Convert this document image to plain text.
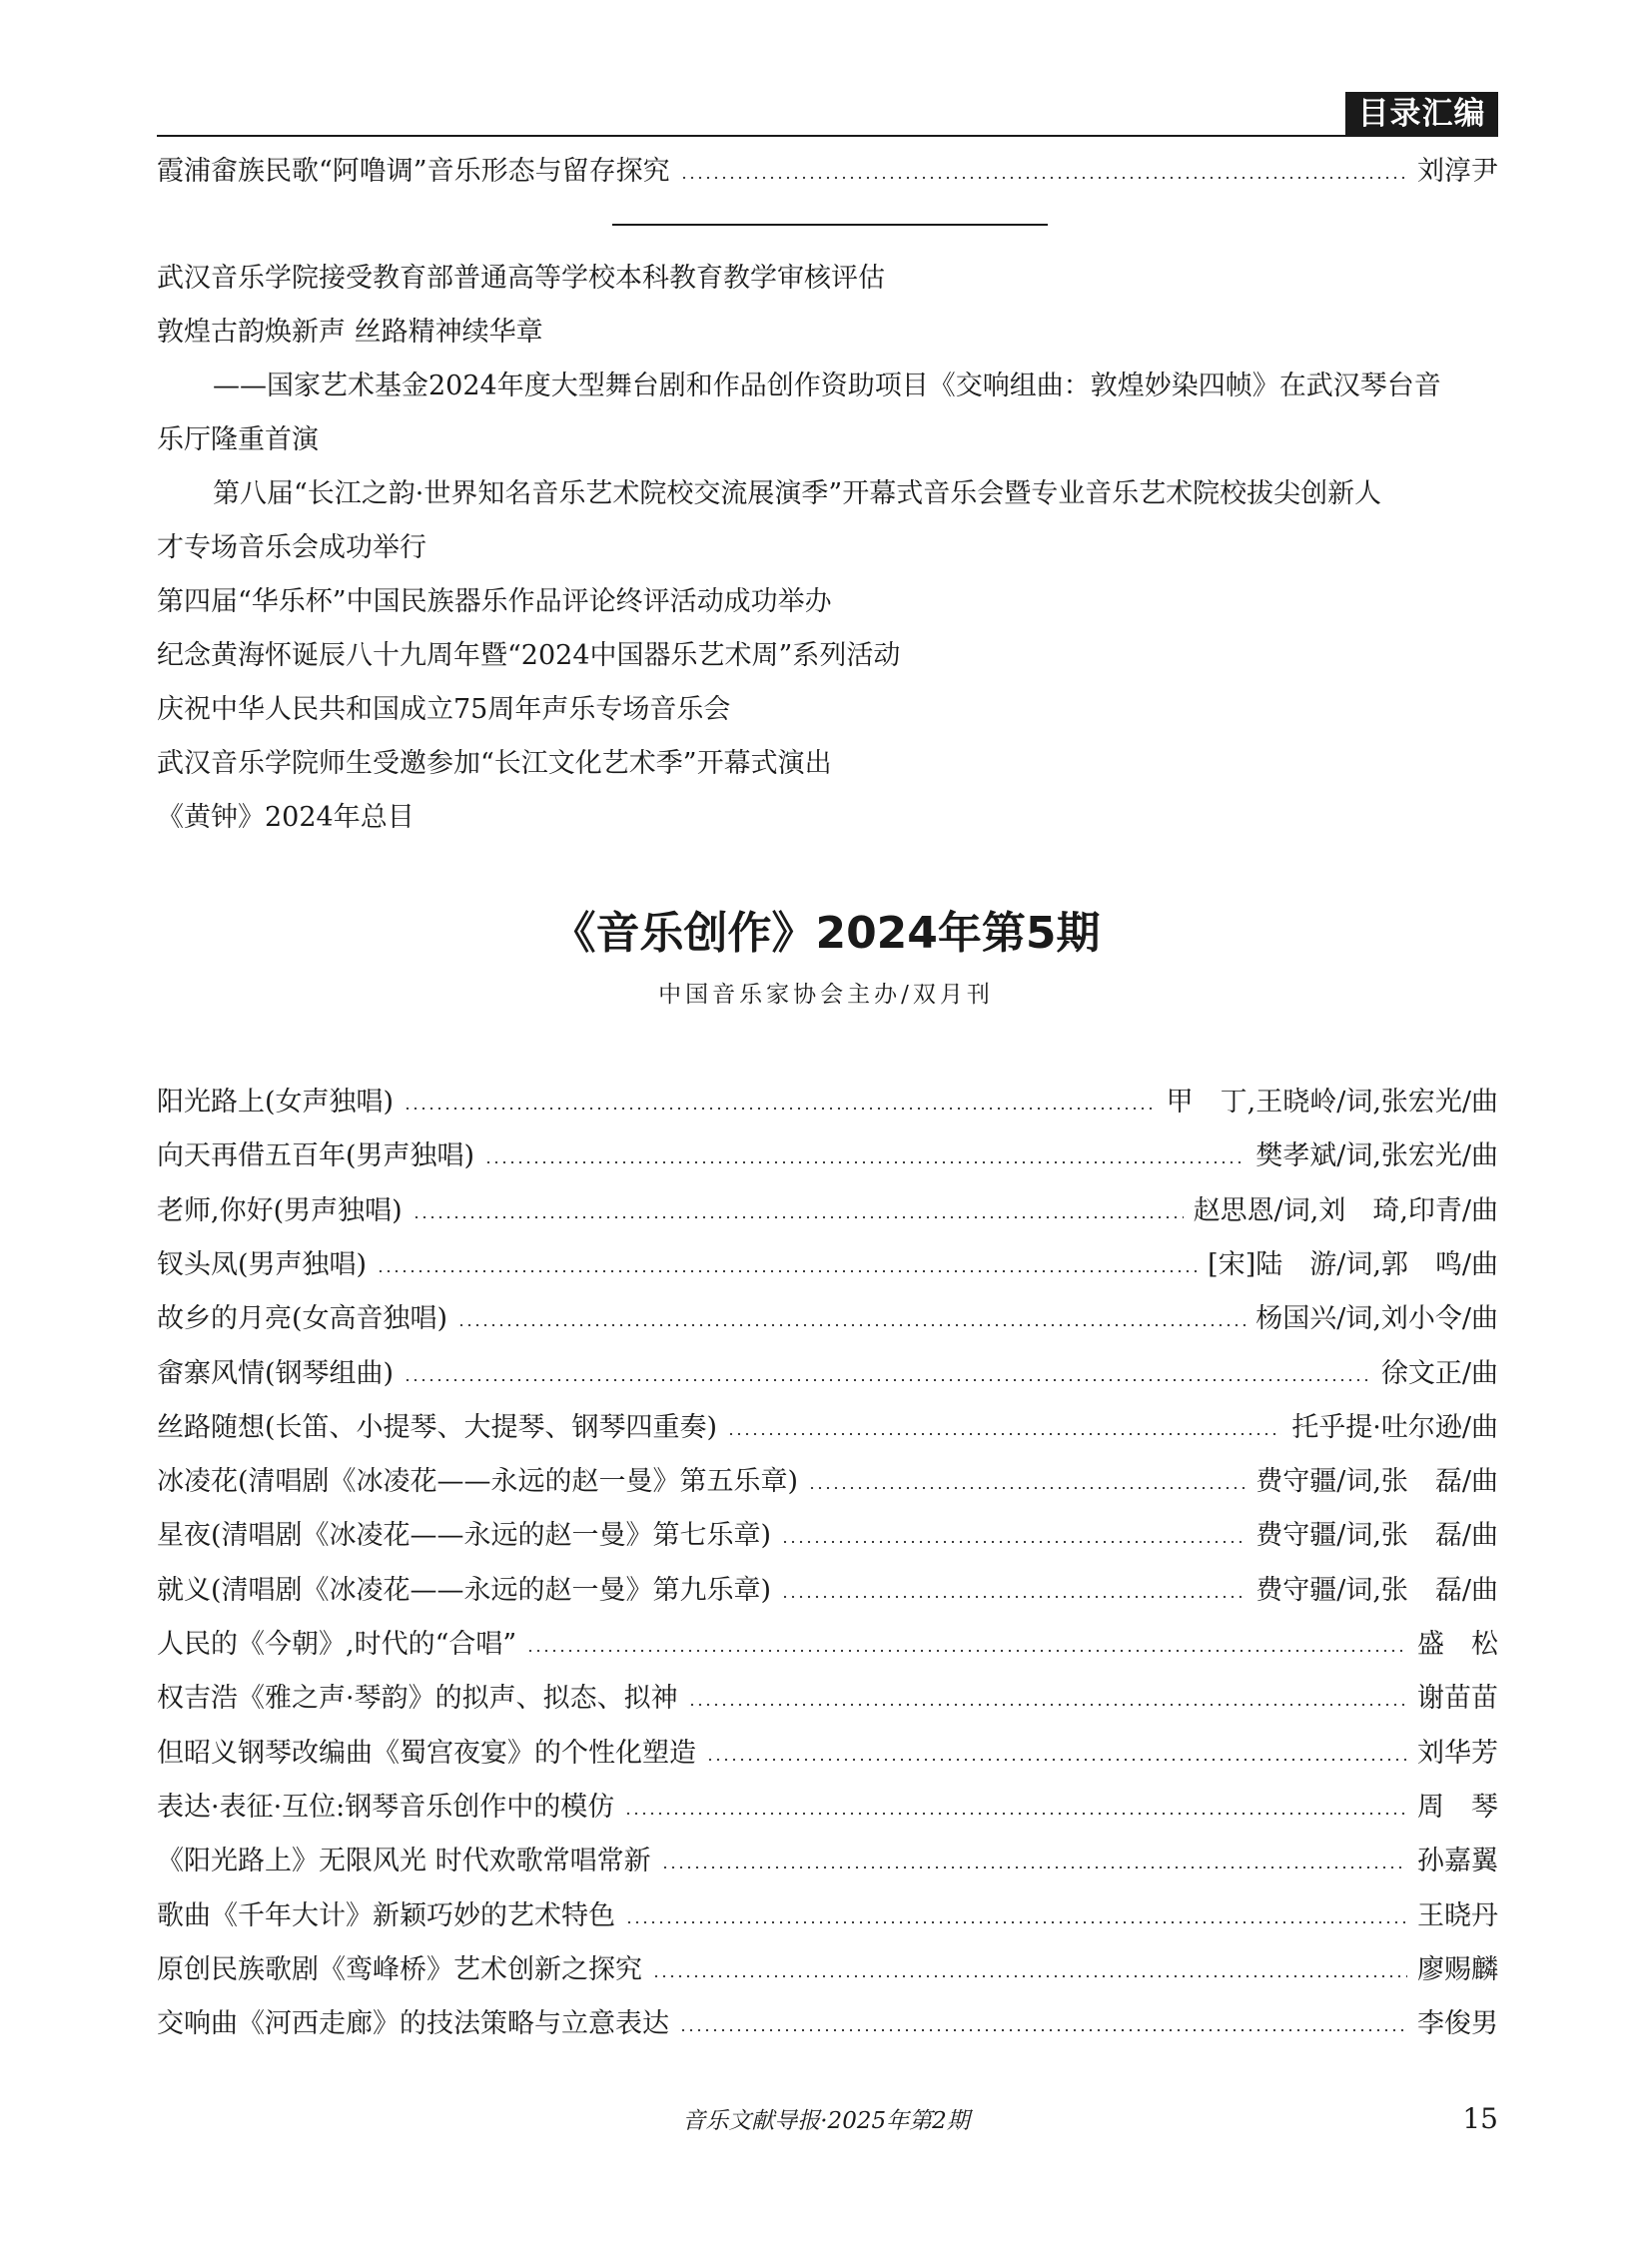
目录汇编
霞浦畲族民歌“阿噜调”音乐形态与留存探究	刘淳尹
武汉音乐学院接受教育部普通高等学校本科教育教学审核评估
敦煌古韵焕新声 丝路精神续华章
——国家艺术基金2024年度大型舞台剧和作品创作资助项目《交响组曲：敦煌妙染四帧》在武汉琴台音
乐厅隆重首演
第八届“长江之韵·世界知名音乐艺术院校交流展演季”开幕式音乐会暨专业音乐艺术院校拔尖创新人
才专场音乐会成功举行
第四届“华乐杯”中国民族器乐作品评论终评活动成功举办
纪念黄海怀诞辰八十九周年暨“2024中国器乐艺术周”系列活动
庆祝中华人民共和国成立75周年声乐专场音乐会
武汉音乐学院师生受邀参加“长江文化艺术季”开幕式演出
《黄钟》2024年总目
《音乐创作》2024年第5期
中国音乐家协会主办/双月刊
阳光路上(女声独唱)	甲　丁,王晓岭/词,张宏光/曲
向天再借五百年(男声独唱)	樊孝斌/词,张宏光/曲
老师,你好(男声独唱)	赵思恩/词,刘　琦,印青/曲
钗头凤(男声独唱)	[宋]陆　游/词,郭　鸣/曲
故乡的月亮(女高音独唱)	杨国兴/词,刘小令/曲
畲寨风情(钢琴组曲)	徐文正/曲
丝路随想(长笛、小提琴、大提琴、钢琴四重奏)	托乎提·吐尔逊/曲
冰凌花(清唱剧《冰凌花——永远的赵一曼》第五乐章)	费守疆/词,张　磊/曲
星夜(清唱剧《冰凌花——永远的赵一曼》第七乐章)	费守疆/词,张　磊/曲
就义(清唱剧《冰凌花——永远的赵一曼》第九乐章)	费守疆/词,张　磊/曲
人民的《今朝》,时代的“合唱”	盛　松
权吉浩《雅之声·琴韵》的拟声、拟态、拟神	谢苗苗
但昭义钢琴改编曲《蜀宫夜宴》的个性化塑造	刘华芳
表达·表征·互位:钢琴音乐创作中的模仿	周　琴
《阳光路上》无限风光 时代欢歌常唱常新	孙嘉翼
歌曲《千年大计》新颖巧妙的艺术特色	王晓丹
原创民族歌剧《鸾峰桥》艺术创新之探究	廖赐麟
交响曲《河西走廊》的技法策略与立意表达	李俊男
音乐文献导报·2025年第2期	15
